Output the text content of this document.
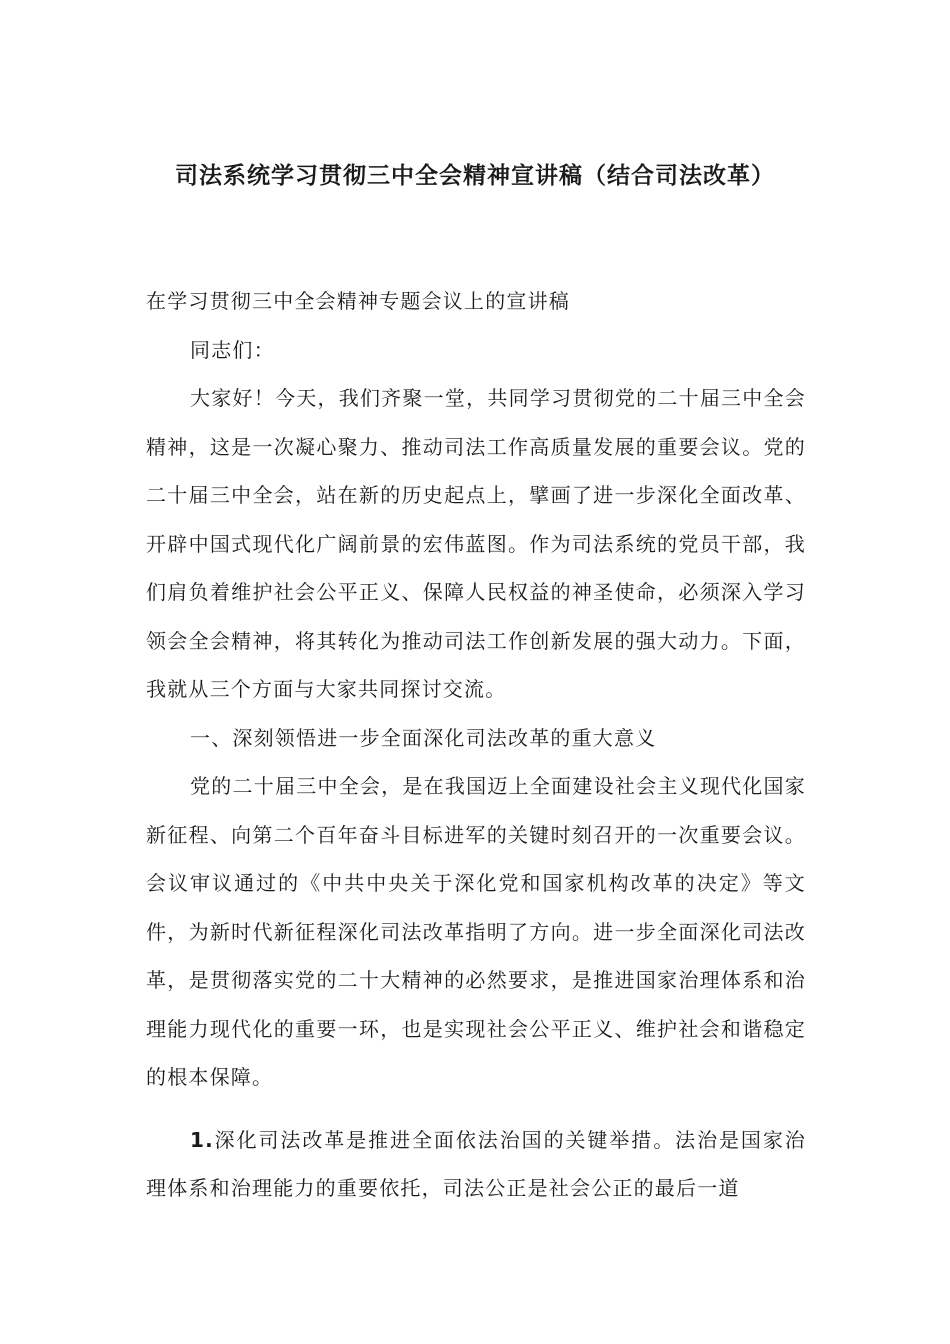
司法系统学习贯彻三中全会精神宣讲稿（结合司法改革）

在学习贯彻三中全会精神专题会议上的宣讲稿

同志们：

大家好！今天，我们齐聚一堂，共同学习贯彻党的二十届三中全会精神，这是一次凝心聚力、推动司法工作高质量发展的重要会议。党的二十届三中全会，站在新的历史起点上，擘画了进一步深化全面改革、开辟中国式现代化广阔前景的宏伟蓝图。作为司法系统的党员干部，我们肩负着维护社会公平正义、保障人民权益的神圣使命，必须深入学习领会全会精神，将其转化为推动司法工作创新发展的强大动力。下面，我就从三个方面与大家共同探讨交流。

一、深刻领悟进一步全面深化司法改革的重大意义

党的二十届三中全会，是在我国迈上全面建设社会主义现代化国家新征程、向第二个百年奋斗目标进军的关键时刻召开的一次重要会议。会议审议通过的《中共中央关于深化党和国家机构改革的决定》等文件，为新时代新征程深化司法改革指明了方向。进一步全面深化司法改革，是贯彻落实党的二十大精神的必然要求，是推进国家治理体系和治理能力现代化的重要一环，也是实现社会公平正义、维护社会和谐稳定的根本保障。

1.深化司法改革是推进全面依法治国的关键举措。法治是国家治理体系和治理能力的重要依托，司法公正是社会公正的最后一道
